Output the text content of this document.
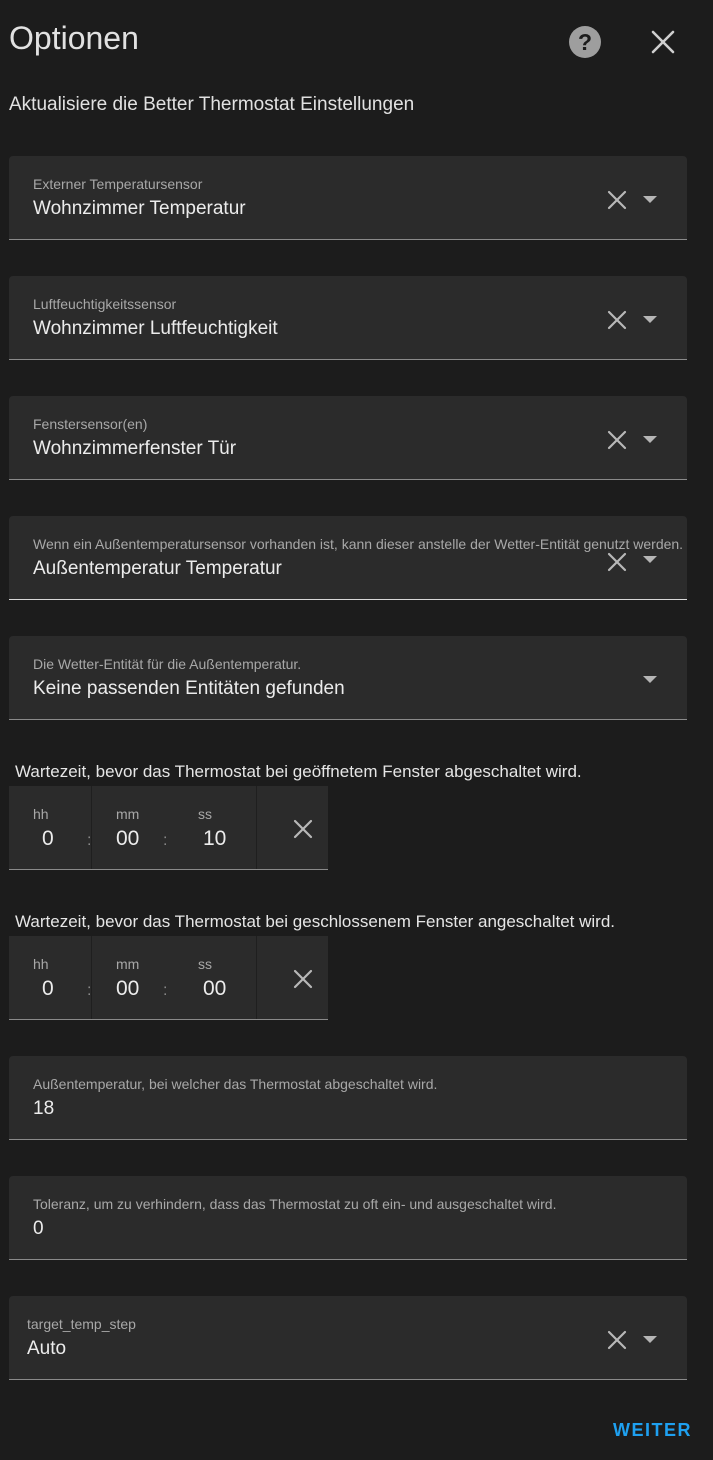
Optionen	?
Aktualisiere die Better Thermostat Einstellungen
Externer Temperatursensor
Wohnzimmer Temperatur
Luftfeuchtigkeitssensor
Wohnzimmer Luftfeuchtigkeit
Fenstersensor(en)
Wohnzimmerfenster Tür
Wenn ein Außentemperatursensor vorhanden ist, kann dieser anstelle der Wetter-Entität genutzt werden.
Außentemperatur Temperatur
Die Wetter-Entität für die Außentemperatur.
Keine passenden Entitäten gefunden
Wartezeit, bevor das Thermostat bei geöffnetem Fenster abgeschaltet wird.
hh
0 :
mm
00 :
ss
10
Wartezeit, bevor das Thermostat bei geschlossenem Fenster angeschaltet wird.
hh
0 :
mm
00 :
ss
00
Außentemperatur, bei welcher das Thermostat abgeschaltet wird.
18
Toleranz, um zu verhindern, dass das Thermostat zu oft ein- und ausgeschaltet wird.
0
target_temp_step
Auto
WEITER
